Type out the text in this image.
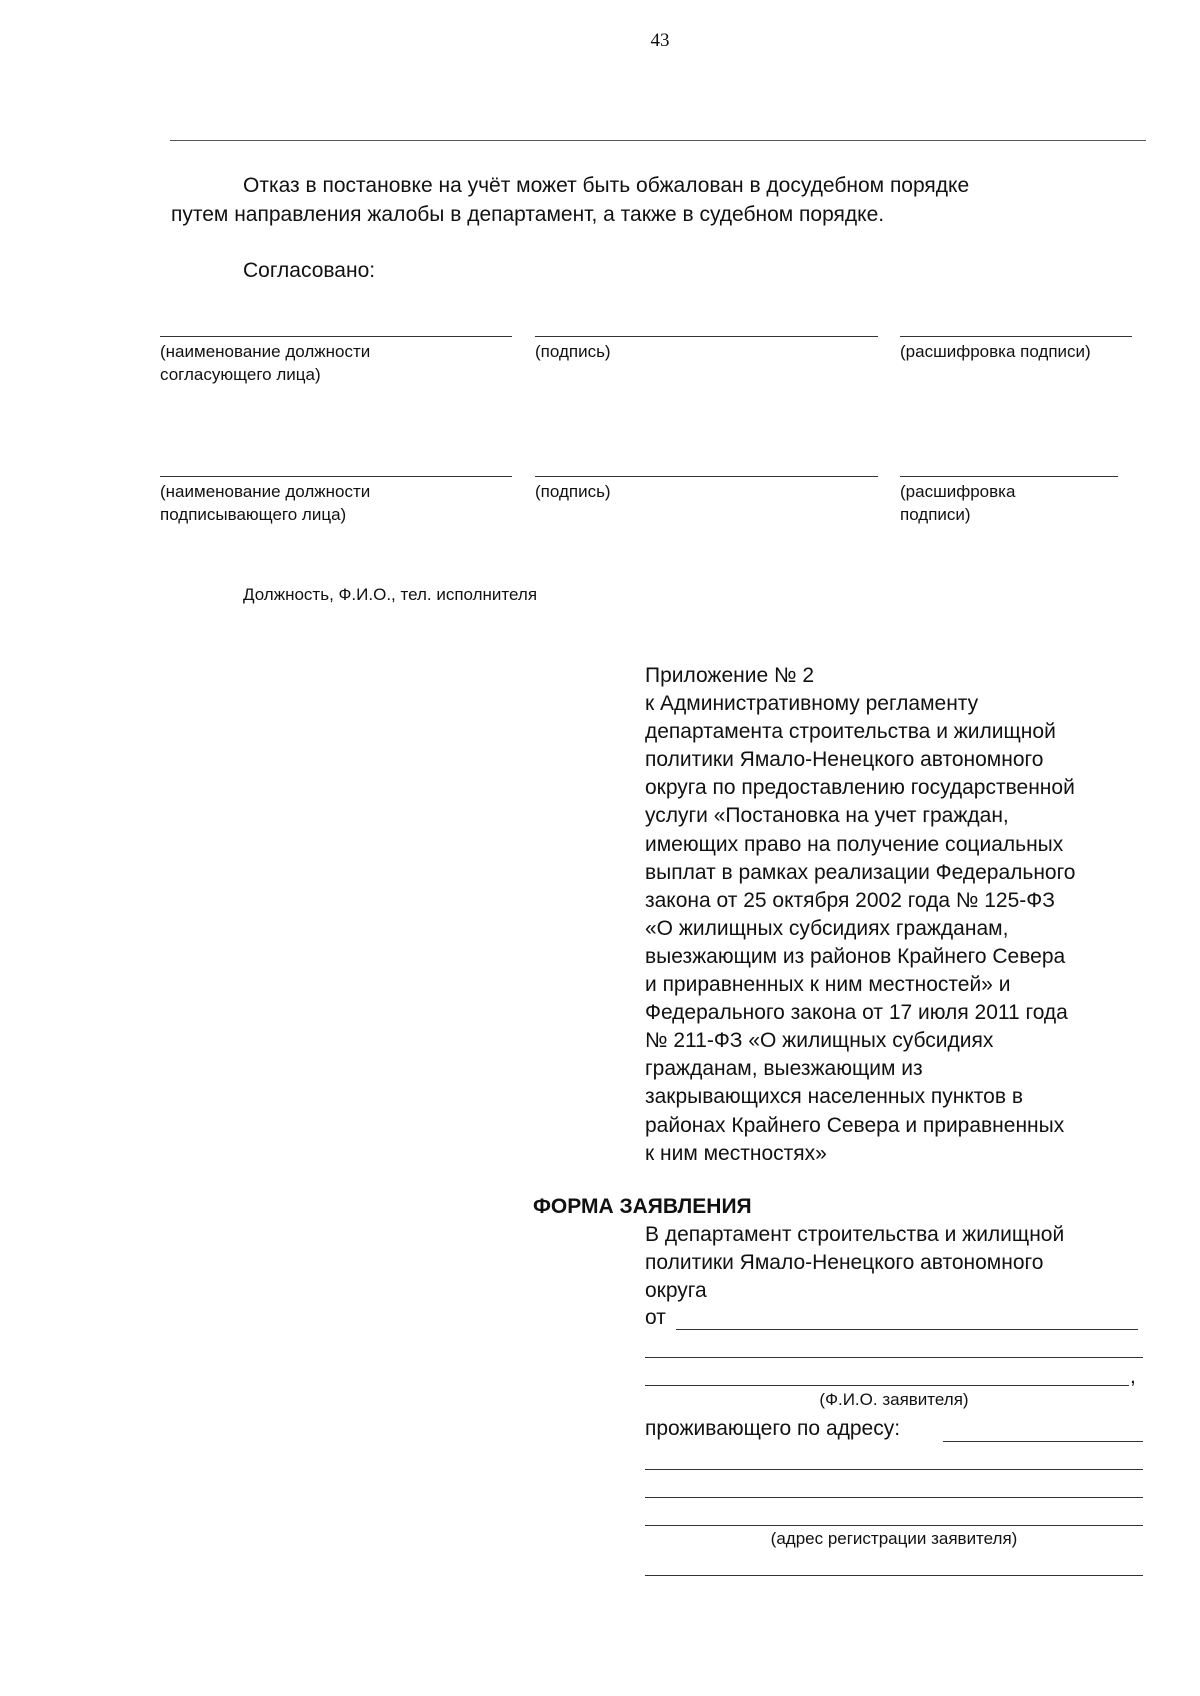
43
Отказ в постановке на учёт может быть обжалован в досудебном порядке
путем направления жалобы в департамент, а также в судебном порядке.
Согласовано:
(наименование должности
согласующего лица)
(подпись)	(расшифровка подписи)
(наименование должности
подписывающего лица)
(подпись)	(расшифровка
подписи)
Должность, Ф.И.О., тел. исполнителя
Приложение № 2
к Административному регламенту
департамента строительства и жилищной
политики Ямало-Ненецкого автономного
округа по предоставлению государственной
услуги «Постановка на учет граждан,
имеющих право на получение социальных
выплат в рамках реализации Федерального
закона от 25 октября 2002 года № 125-ФЗ
«О жилищных субсидиях гражданам,
выезжающим из районов Крайнего Севера
и приравненных к ним местностей» и
Федерального закона от 17 июля 2011 года
№ 211-ФЗ «О жилищных субсидиях
гражданам, выезжающим из
закрывающихся населенных пунктов в
районах Крайнего Севера и приравненных
к ним местностях»
ФОРМА ЗАЯВЛЕНИЯ
В департамент строительства и жилищной
политики Ямало-Ненецкого автономного
округа
от
,
(Ф.И.О. заявителя)
проживающего по адресу:
(адрес регистрации заявителя)
